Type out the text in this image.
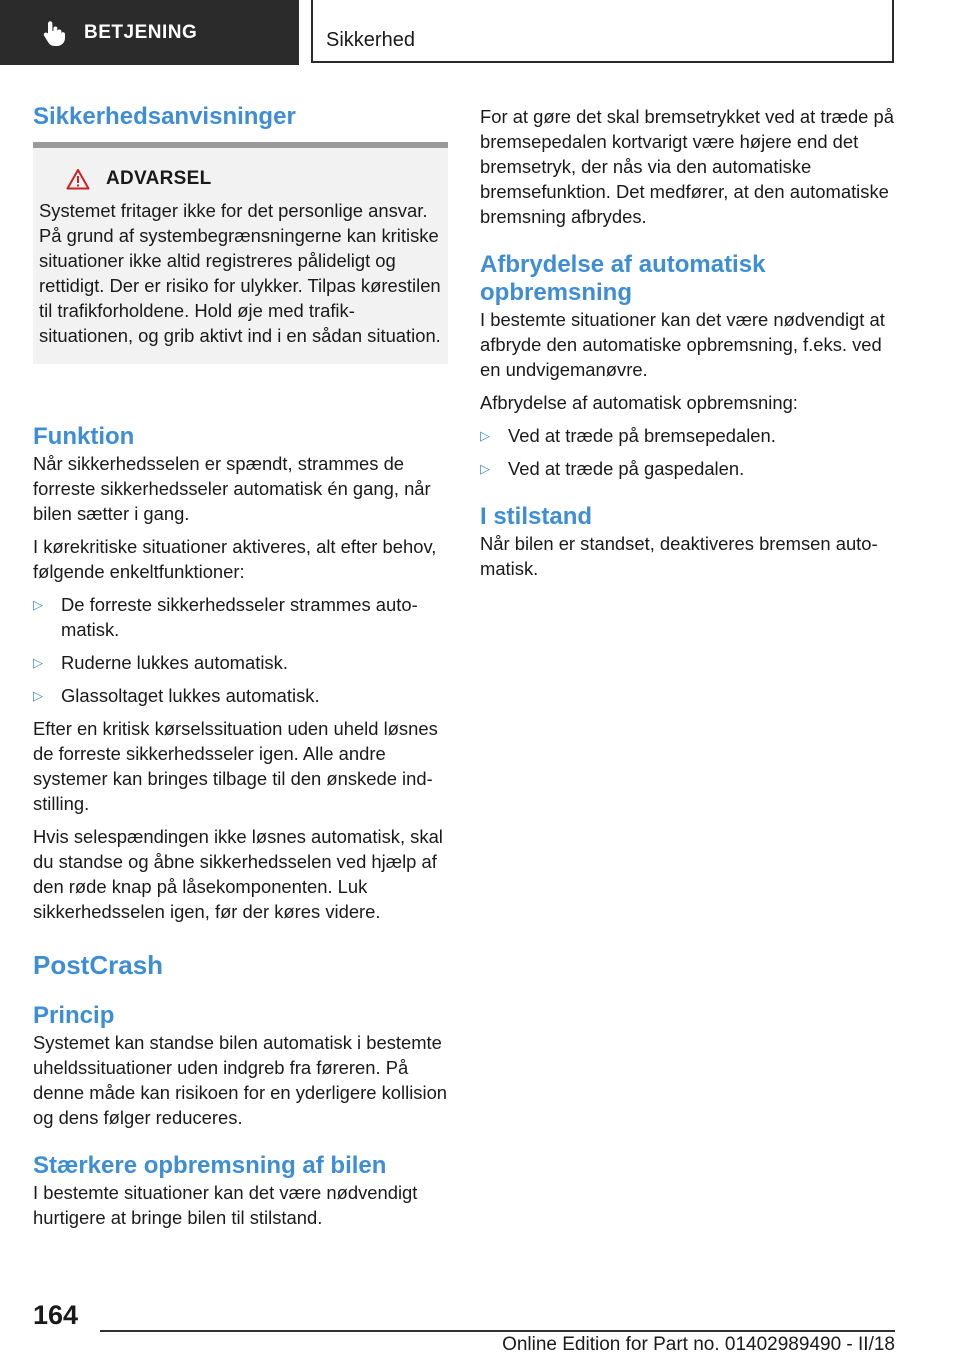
BETJENING	Sikkerhed
Sikkerhedsanvisninger
ADVARSEL

Systemet fritager ikke for det personlige ansvar. På grund af systembegrænsningerne kan kritiske situationer ikke altid registreres pålideligt og rettidigt. Der er risiko for ulykker. Tilpas kørestilen til trafikforholdene. Hold øje med trafiksituationen, og grib aktivt ind i en sådan situation.

Funktion

Når sikkerhedsselen er spændt, strammes de forreste sikkerhedsseler automatisk én gang, når bilen sætter i gang.

I kørekritiske situationer aktiveres, alt efter behov, følgende enkeltfunktioner:

▷ De forreste sikkerhedsseler strammes automatisk.
▷ Ruderne lukkes automatisk.
▷ Glassoltaget lukkes automatisk.

Efter en kritisk kørselssituation uden uheld løsnes de forreste sikkerhedsseler igen. Alle andre systemer kan bringes tilbage til den ønskede indstilling.

Hvis selespændingen ikke løsnes automatisk, skal du standse og åbne sikkerhedsselen ved hjælp af den røde knap på låsekomponenten. Luk sikkerhedsselen igen, før der køres videre.

PostCrash
Princip

Systemet kan standse bilen automatisk i bestemte uheldssituationer uden indgreb fra føreren. På denne måde kan risikoen for en yderligere kollision og dens følger reduceres.

Stærkere opbremsning af bilen

I bestemte situationer kan det være nødvendigt hurtigere at bringe bilen til stilstand.

For at gøre det skal bremsetrykket ved at træde på bremsepedalen kortvarigt være højere end det bremsetryk, der nås via den automatiske bremsefunktion. Det medfører, at den automatiske bremsning afbrydes.

Afbrydelse af automatisk opbremsning

I bestemte situationer kan det være nødvendigt at afbryde den automatiske opbremsning, f.eks. ved en undvigemanøvre.

Afbrydelse af automatisk opbremsning:

▷ Ved at træde på bremsepedalen.
▷ Ved at træde på gaspedalen.
I stilstand

Når bilen er standset, deaktiveres bremsen automatisk.

164
Online Edition for Part no. 01402989490 - II/18
